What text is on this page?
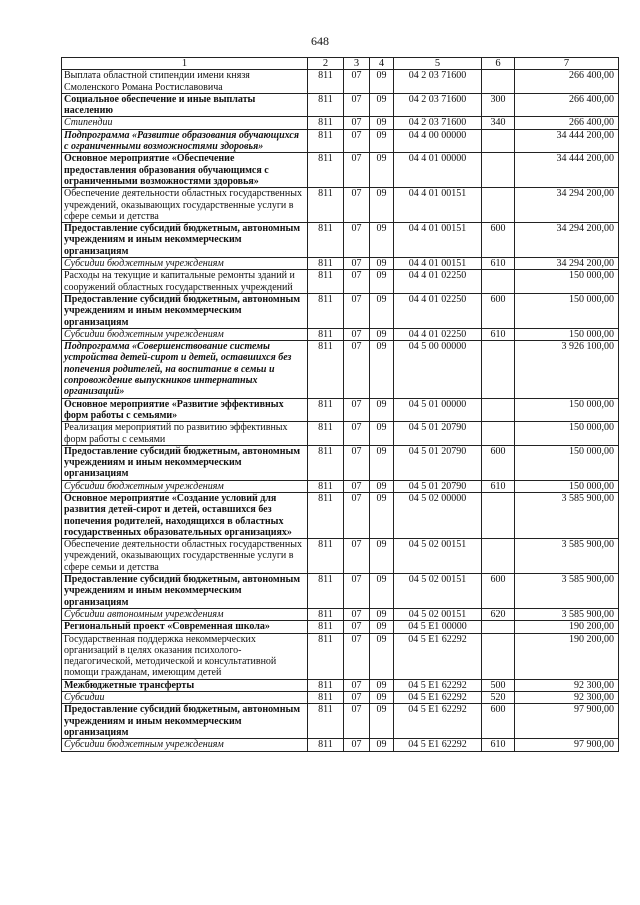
648
1	2	3	4	5	6	7
Выплата областной стипендии имени князя Смоленского Романа Ростиславовича	811	07	09	04 2 03 71600		266 400,00
Социальное обеспечение и иные выплаты населению	811	07	09	04 2 03 71600	300	266 400,00
Стипендии	811	07	09	04 2 03 71600	340	266 400,00
Подпрограмма «Развитие образования обучающихся с ограниченными возможностями здоровья»	811	07	09	04 4 00 00000		34 444 200,00
Основное мероприятие «Обеспечение предоставления образования обучающимся с ограниченными возможностями здоровья»	811	07	09	04 4 01 00000		34 444 200,00
Обеспечение деятельности областных государственных учреждений, оказывающих государственные услуги в сфере семьи и детства	811	07	09	04 4 01 00151		34 294 200,00
Предоставление субсидий бюджетным, автономным учреждениям и иным некоммерческим организациям	811	07	09	04 4 01 00151	600	34 294 200,00
Субсидии бюджетным учреждениям	811	07	09	04 4 01 00151	610	34 294 200,00
Расходы на текущие и капитальные ремонты зданий и сооружений областных государственных учреждений	811	07	09	04 4 01 02250		150 000,00
Предоставление субсидий бюджетным, автономным учреждениям и иным некоммерческим организациям	811	07	09	04 4 01 02250	600	150 000,00
Субсидии бюджетным учреждениям	811	07	09	04 4 01 02250	610	150 000,00
Подпрограмма «Совершенствование системы устройства детей-сирот и детей, оставшихся без попечения родителей, на воспитание в семьи и сопровождение выпускников интернатных организаций»	811	07	09	04 5 00 00000		3 926 100,00
Основное мероприятие «Развитие эффективных форм работы с семьями»	811	07	09	04 5 01 00000		150 000,00
Реализация мероприятий по развитию эффективных форм работы с семьями	811	07	09	04 5 01 20790		150 000,00
Предоставление субсидий бюджетным, автономным учреждениям и иным некоммерческим организациям	811	07	09	04 5 01 20790	600	150 000,00
Субсидии бюджетным учреждениям	811	07	09	04 5 01 20790	610	150 000,00
Основное мероприятие «Создание условий для развития детей-сирот и детей, оставшихся без попечения родителей, находящихся в областных государственных образовательных организациях»	811	07	09	04 5 02 00000		3 585 900,00
Обеспечение деятельности областных государственных учреждений, оказывающих государственные услуги в сфере семьи и детства	811	07	09	04 5 02 00151		3 585 900,00
Предоставление субсидий бюджетным, автономным учреждениям и иным некоммерческим организациям	811	07	09	04 5 02 00151	600	3 585 900,00
Субсидии автономным учреждениям	811	07	09	04 5 02 00151	620	3 585 900,00
Региональный проект «Современная школа»	811	07	09	04 5 E1 00000		190 200,00
Государственная поддержка некоммерческих организаций в целях оказания психолого-педагогической, методической и консультативной помощи гражданам, имеющим детей	811	07	09	04 5 E1 62292		190 200,00
Межбюджетные трансферты	811	07	09	04 5 E1 62292	500	92 300,00
Субсидии	811	07	09	04 5 E1 62292	520	92 300,00
Предоставление субсидий бюджетным, автономным учреждениям и иным некоммерческим организациям	811	07	09	04 5 E1 62292	600	97 900,00
Субсидии бюджетным учреждениям	811	07	09	04 5 E1 62292	610	97 900,00
